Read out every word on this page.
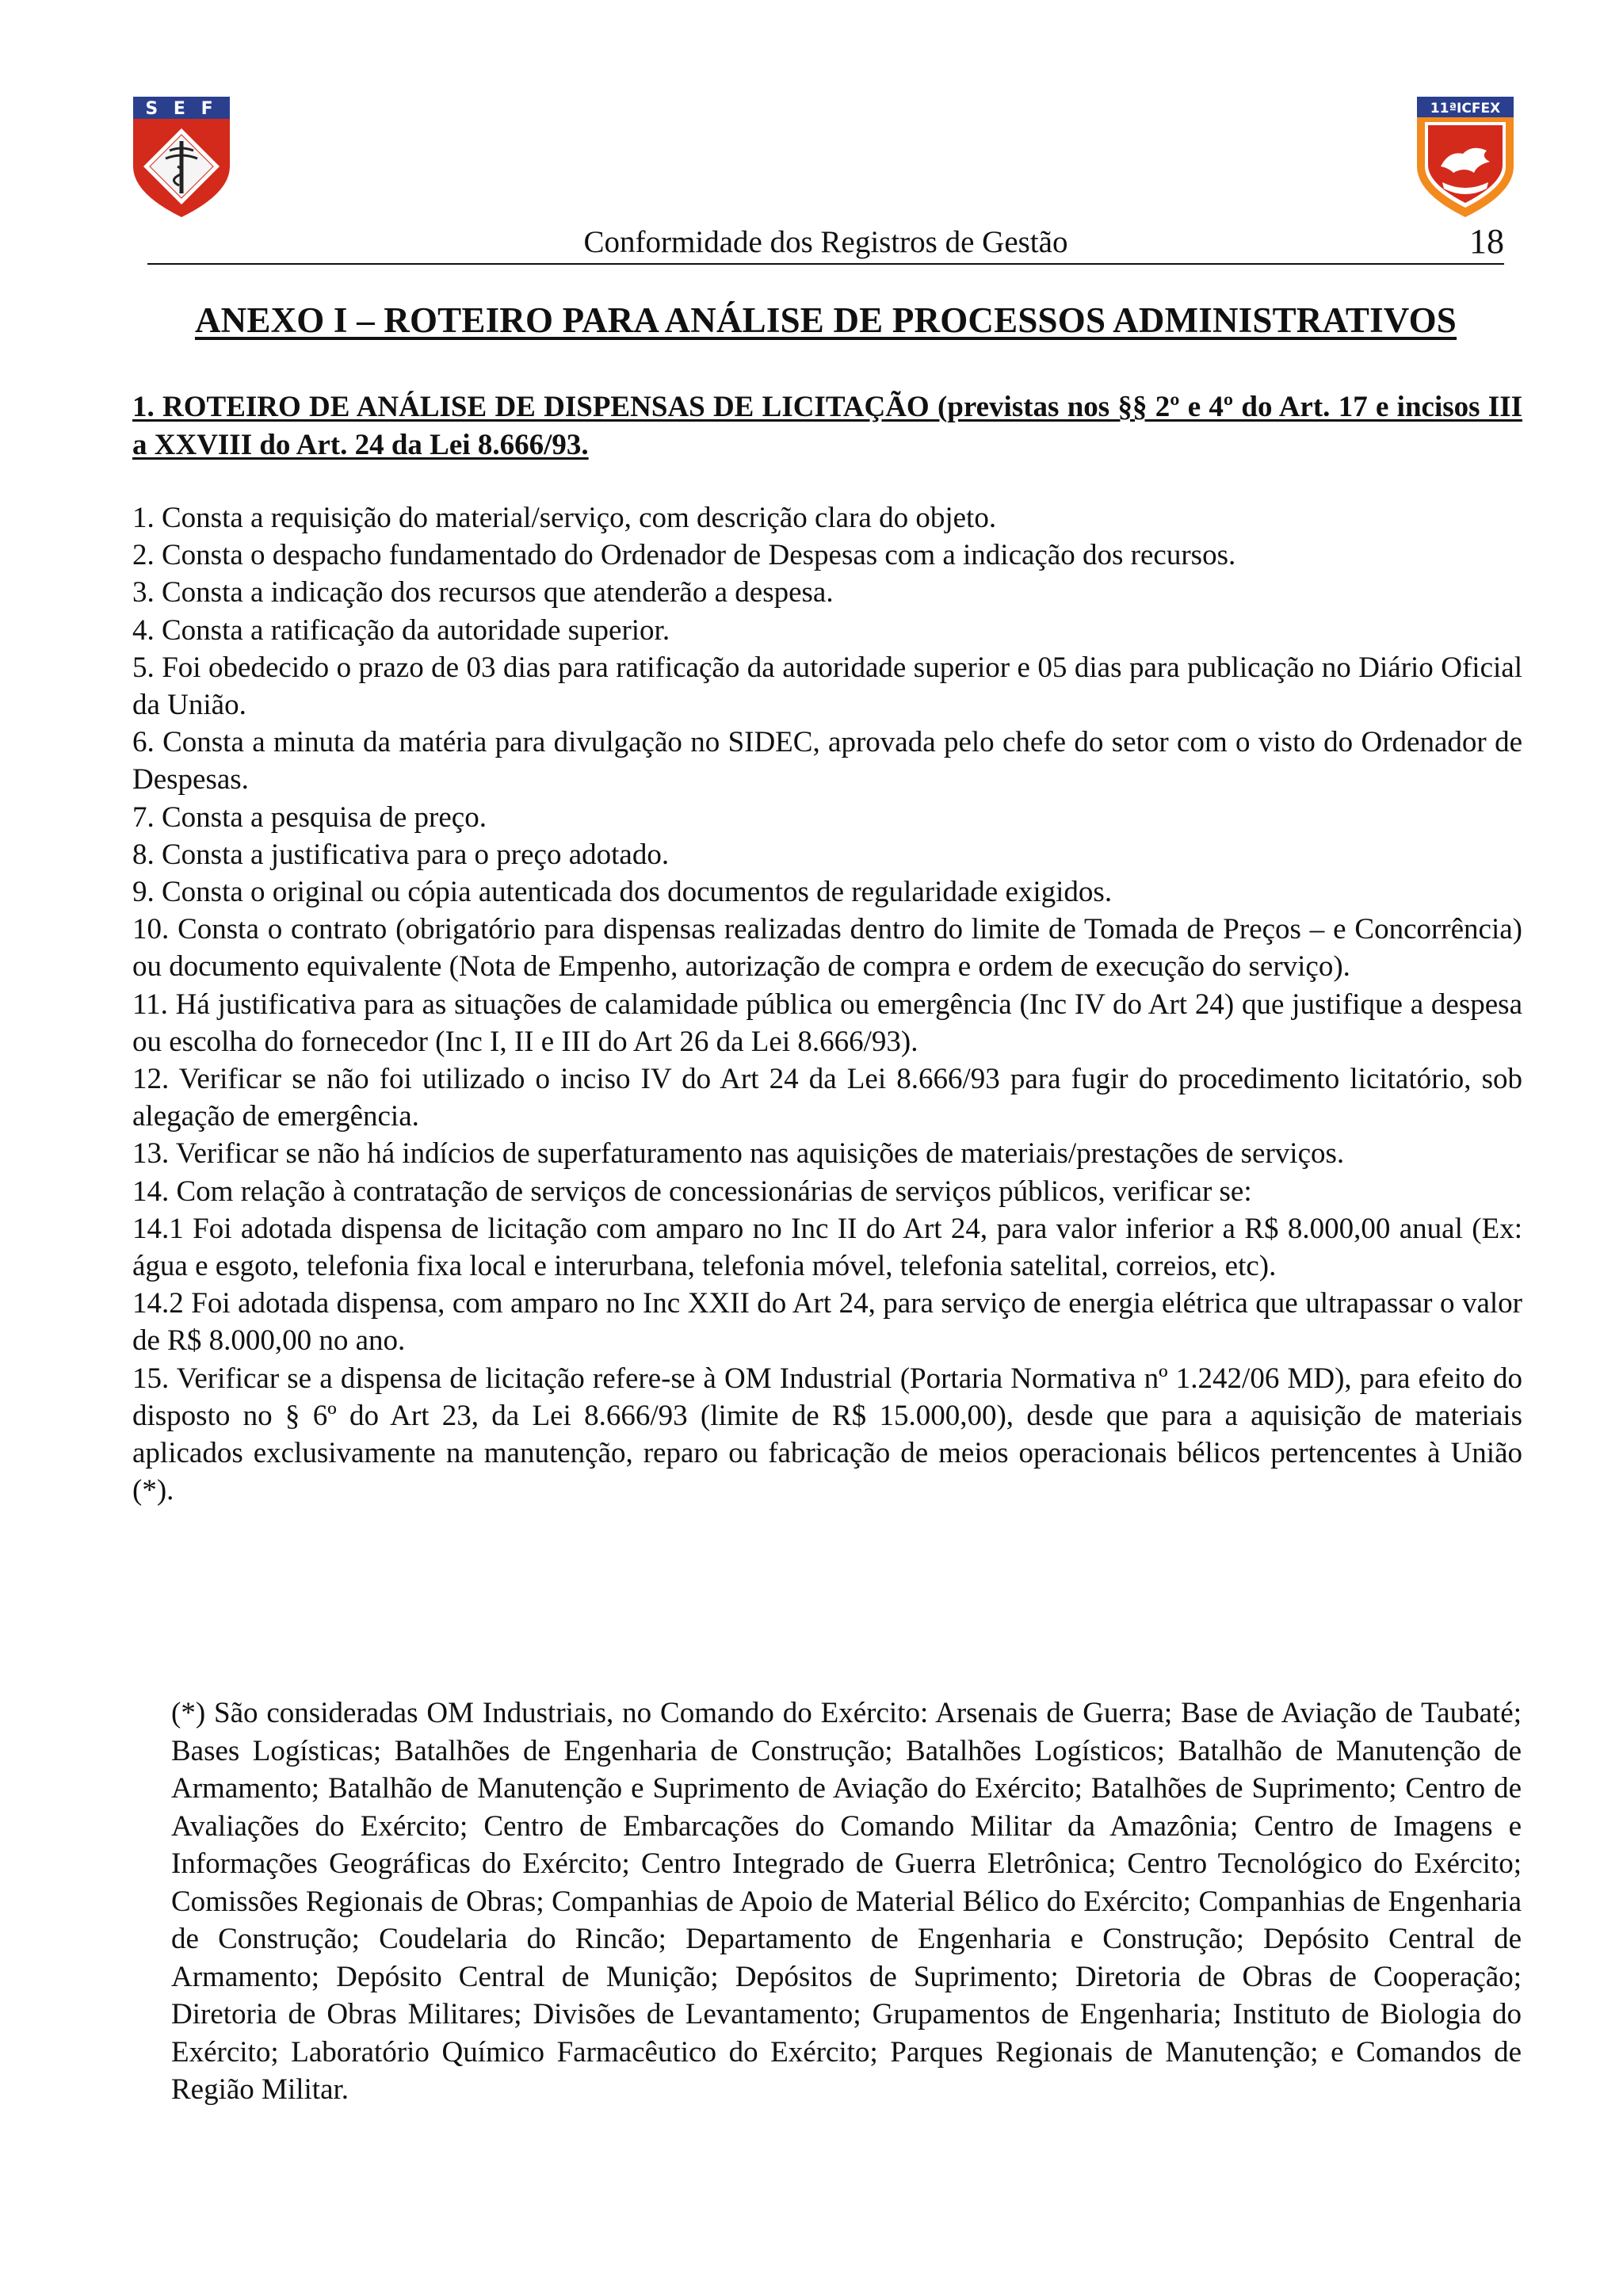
S E F	11ªICFEX
Conformidade dos Registros de Gestão	18
ANEXO I – ROTEIRO PARA ANÁLISE DE PROCESSOS ADMINISTRATIVOS
1. ROTEIRO DE ANÁLISE DE DISPENSAS DE LICITAÇÃO (previstas nos §§ 2º e 4º do Art. 17 e incisos III a XXVIII do Art. 24 da Lei 8.666/93.
1. Consta a requisição do material/serviço, com descrição clara do objeto.
2. Consta o despacho fundamentado do Ordenador de Despesas com a indicação dos recursos.
3. Consta a indicação dos recursos que atenderão a despesa.
4. Consta a ratificação da autoridade superior.
5. Foi obedecido o prazo de 03 dias para ratificação da autoridade superior e 05 dias para publicação no Diário Oficial da União.
6. Consta a minuta da matéria para divulgação no SIDEC, aprovada pelo chefe do setor com o visto do Ordenador de Despesas.
7. Consta a pesquisa de preço.
8. Consta a justificativa para o preço adotado.
9. Consta o original ou cópia autenticada dos documentos de regularidade exigidos.
10. Consta o contrato (obrigatório para dispensas realizadas dentro do limite de Tomada de Preços – e Concorrência) ou documento equivalente (Nota de Empenho, autorização de compra e ordem de execução do serviço).
11. Há justificativa para as situações de calamidade pública ou emergência (Inc IV do Art 24) que justifique a despesa ou escolha do fornecedor (Inc I, II e III do Art 26 da Lei 8.666/93).
12. Verificar se não foi utilizado o inciso IV do Art 24 da Lei 8.666/93 para fugir do procedimento licitatório, sob alegação de emergência.
13. Verificar se não há indícios de superfaturamento nas aquisições de materiais/prestações de serviços.
14. Com relação à contratação de serviços de concessionárias de serviços públicos, verificar se:
14.1 Foi adotada dispensa de licitação com amparo no Inc II do Art 24, para valor inferior a R$ 8.000,00 anual (Ex: água e esgoto, telefonia fixa local e interurbana, telefonia móvel, telefonia satelital, correios, etc).
14.2 Foi adotada dispensa, com amparo no Inc XXII do Art 24, para serviço de energia elétrica que ultrapassar o valor de R$ 8.000,00 no ano.
15. Verificar se a dispensa de licitação refere-se à OM Industrial (Portaria Normativa nº 1.242/06 MD), para efeito do disposto no § 6º do Art 23, da Lei 8.666/93 (limite de R$ 15.000,00), desde que para a aquisição de materiais aplicados exclusivamente na manutenção, reparo ou fabricação de meios operacionais bélicos pertencentes à União (*).
(*) São consideradas OM Industriais, no Comando do Exército: Arsenais de Guerra; Base de Aviação de Taubaté; Bases Logísticas; Batalhões de Engenharia de Construção; Batalhões Logísticos; Batalhão de Manutenção de Armamento; Batalhão de Manutenção e Suprimento de Aviação do Exército; Batalhões de Suprimento; Centro de Avaliações do Exército; Centro de Embarcações do Comando Militar da Amazônia; Centro de Imagens e Informações Geográficas do Exército; Centro Integrado de Guerra Eletrônica; Centro Tecnológico do Exército; Comissões Regionais de Obras; Companhias de Apoio de Material Bélico do Exército; Companhias de Engenharia de Construção; Coudelaria do Rincão; Departamento de Engenharia e Construção; Depósito Central de Armamento; Depósito Central de Munição; Depósitos de Suprimento; Diretoria de Obras de Cooperação; Diretoria de Obras Militares; Divisões de Levantamento; Grupamentos de Engenharia; Instituto de Biologia do Exército; Laboratório Químico Farmacêutico do Exército; Parques Regionais de Manutenção; e Comandos de Região Militar.
